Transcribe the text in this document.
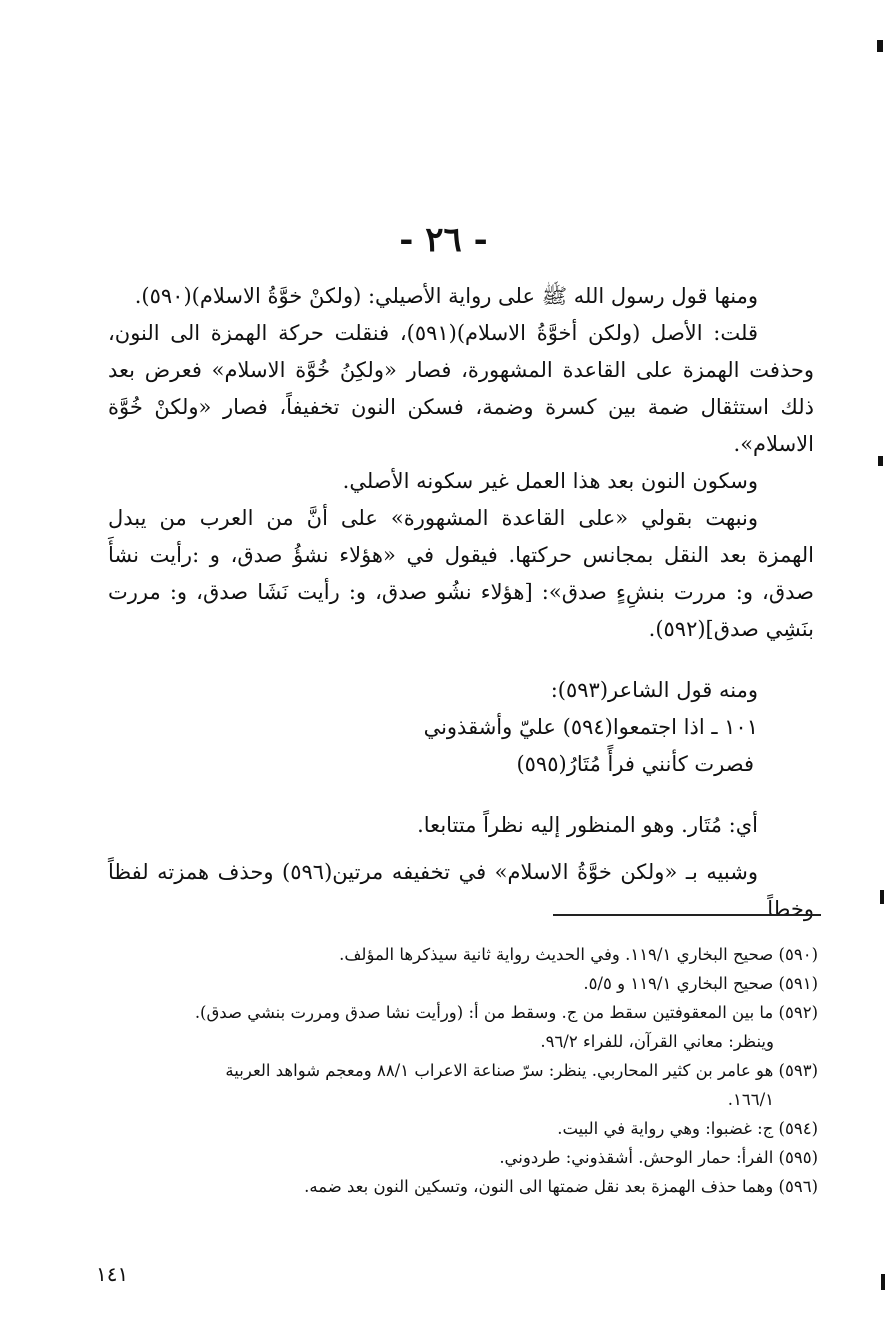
- ٢٦ -

ومنها قول رسول الله ﷺ على رواية الأصيلي: (ولكنْ خوَّةُ الاسلام)(٥٩٠).

قلت: الأصل (ولكن أخوَّةُ الاسلام)(٥٩١)، فنقلت حركة الهمزة الى النون، وحذفت الهمزة على القاعدة المشهورة، فصار «ولكِنُ خُوَّة الاسلام» فعرض بعد ذلك استثقال ضمة بين كسرة وضمة، فسكن النون تخفيفاً، فصار «ولكنْ خُوَّة الاسلام».

وسكون النون بعد هذا العمل غير سكونه الأصلي.

ونبهت بقولي «على القاعدة المشهورة» على أنَّ من العرب من يبدل الهمزة بعد النقل بمجانس حركتها. فيقول في «هؤلاء نشؤُ صدق، و :رأيت نشأَ صدق، و: مررت بنشِءٍ صدق»: [هؤلاء نشُو صدق، و: رأيت نَشَا صدق، و: مررت بنَشِي صدق](٥٩٢).

ومنه قول الشاعر(٥٩٣):

١٠١ ـ اذا اجتمعوا(٥٩٤) عليّ وأشقذوني

فصرت كأنني فرأً مُتَارُ(٥٩٥)

أي: مُتَار. وهو المنظور إليه نظراً متتابعا.

وشبيه بـ «ولكن خوَّةُ الاسلام» في تخفيفه مرتين(٥٩٦) وحذف همزته لفظاً وخطاً

(٥٩٠) صحيح البخاري ١١٩/١. وفي الحديث رواية ثانية سيذكرها المؤلف.

(٥٩١) صحيح البخاري ١١٩/١ و ٥/٥.

(٥٩٢) ما بين المعقوفتين سقط من ج. وسقط من أ: (ورأيت نشا صدق ومررت بنشي صدق).

وينظر: معاني القرآن، للفراء ٩٦/٢.

(٥٩٣) هو عامر بن كثير المحاربي. ينظر: سرّ صناعة الاعراب ٨٨/١ ومعجم شواهد العربية

١٦٦/١.

(٥٩٤) ج: غضبوا: وهي رواية في البيت.

(٥٩٥) الفرأ: حمار الوحش. أشقذوني: طردوني.

(٥٩٦) وهما حذف الهمزة بعد نقل ضمتها الى النون، وتسكين النون بعد ضمه.

١٤١
